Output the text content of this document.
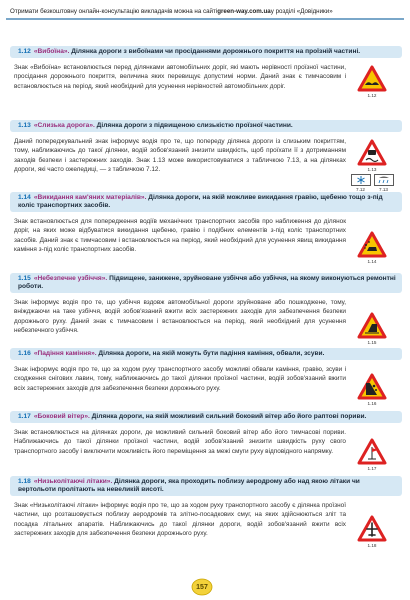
Отримати безкоштовну онлайн-консультацію викладачів можна на сайті green-way.com.ua у розділі «Довідники»
1.12 «Вибоїна». Ділянка дороги з вибоїнами чи просіданнями дорожнього покриття на проїзній частині.
Знак «Вибоїна» встановлюється перед ділянками автомобільних доріг, які мають нерівності проїзної частини, просідання дорожнього покриття, величина яких перевищує допустимі норми. Даний знак є тимчасовим і встановлюється на період, який необхідний для усунення нерівностей автомобільних доріг.
1.12
1.13 «Слизька дорога». Ділянка дороги з підвищеною слизькістю проїзної частини.
Даний попереджувальний знак інформує водія про те, що попереду ділянка дороги із слизьким покриттям, тому, наближаючись до такої ділянки, водій зобов'язаний знизити швидкість, щоб проїхати її з дотриманням заходів безпеки і застережних заходів. Знак 1.13 може використовуватися з табличкою 7.13, а на ділянках дороги, які часто ожеледиці, — з табличкою 7.12.	1.13
7.12	7.13
1.14 «Викидання кам'яних матеріалів». Ділянка дороги, на якій можливе викидання гравію, щебеню тощо з-під коліс транспортних засобів.
Знак встановлюється для попередження водіїв механічних транспортних засобів про наближення до ділянок доріг, на яких може відбуватися викидання щебеню, гравію і подібних елементів з-під коліс транспортних засобів. Даний знак є тимчасовим і встановлюється на період, який необхідний для усунення явищ викидання каміння з-під коліс транспортних засобів.
1.14
1.15 «Небезпечне узбіччя». Підвищене, занижене, зруйноване узбіччя або узбіччя, на якому виконуються ремонтні роботи.
Знак інформує водія про те, що узбіччя вздовж автомобільної дороги зруйноване або пошкоджене, тому, вніжджаючи на таке узбіччя, водій зобов'язаний вжити всіх застережних заходів для забезпечення безпеки дорожнього руху. Даний знак є тимчасовим і встановлюється на період, який необхідний для усунення небезпечного узбіччя.
1.15
1.16 «Падіння каміння». Ділянка дороги, на якій можуть бути падіння каміння, обвали, зсуви.
Знак інформує водія про те, що за ходом руху транспортного засобу можливі обвали каміння, гравію, зсуви і сходження снігових лавин, тому, наближаючись до такої ділянки проїзної частини, водій зобов'язаний вжити всіх застережних заходів для забезпечення безпеки дорожнього руху.
1.16
1.17 «Боковий вітер». Ділянка дороги, на якій можливий сильний боковий вітер або його раптові пориви.
Знак встановлюється на ділянках дороги, де можливий сильний боковий вітер або його тимчасові пориви. Наближаючись до такої ділянки проїзної частини, водій зобов'язаний знизити швидкість руху свого транспортного засобу і виключити можливість його переміщення за межі смуги руху відповідного напрямку.
1.17
1.18 «Низьколітаючі літаки». Ділянка дороги, яка проходить поблизу аеродрому або над якою літаки чи вертольоти пролітають на невеликій висоті.
Знак «Низьколітаючі літаки» інформує водія про те, що за ходом руху транспортного засобу є ділянка проїзної частини, що розташовується поблизу аеродромів та злітно-посадкових смуг, на яких здійснюються зліт та посадка літальних апаратів. Наближаючись до такої ділянки дороги, водій зобов'язаний вжити всіх застережних заходів для забезпечення безпеки дорожнього руху.
1.18
157
